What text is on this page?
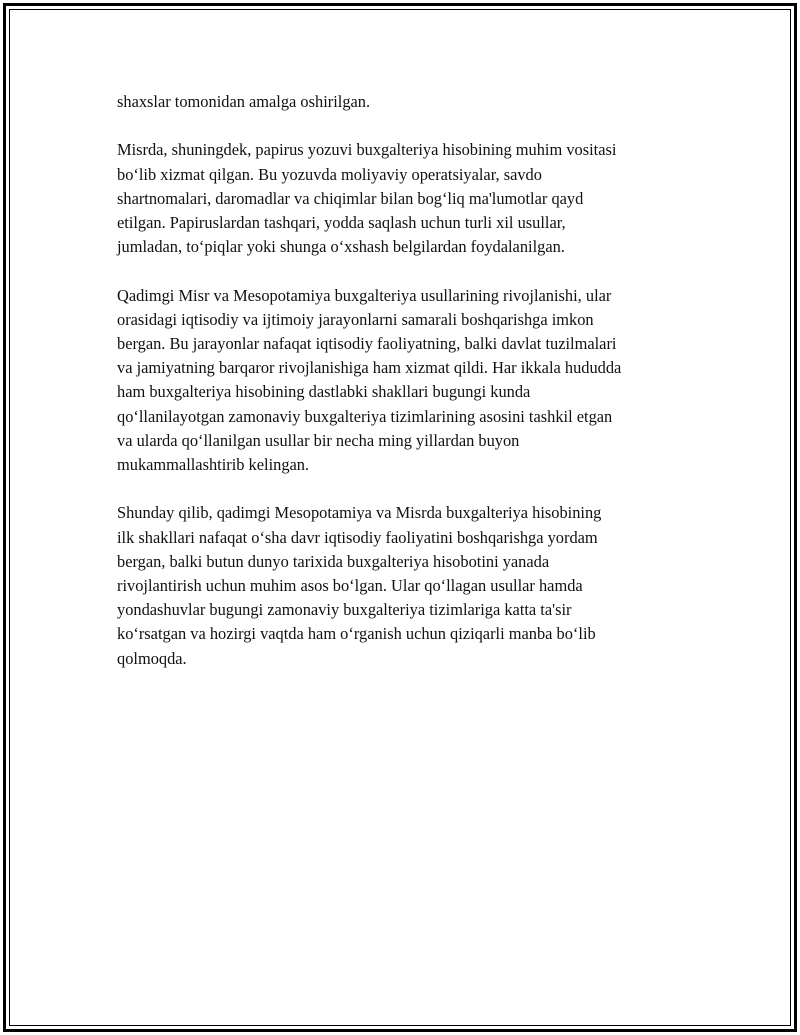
shaxslar tomonidan amalga oshirilgan.

Misrda, shuningdek, papirus yozuvi buxgalteriya hisobining muhim vositasi
bo‘lib xizmat qilgan. Bu yozuvda moliyaviy operatsiyalar, savdo
shartnomalari, daromadlar va chiqimlar bilan bog‘liq ma'lumotlar qayd
etilgan. Papiruslardan tashqari, yodda saqlash uchun turli xil usullar,
jumladan, to‘piqlar yoki shunga o‘xshash belgilardan foydalanilgan.

Qadimgi Misr va Mesopotamiya buxgalteriya usullarining rivojlanishi, ular
orasidagi iqtisodiy va ijtimoiy jarayonlarni samarali boshqarishga imkon
bergan. Bu jarayonlar nafaqat iqtisodiy faoliyatning, balki davlat tuzilmalari
va jamiyatning barqaror rivojlanishiga ham xizmat qildi. Har ikkala hududda
ham buxgalteriya hisobining dastlabki shakllari bugungi kunda
qo‘llanilayotgan zamonaviy buxgalteriya tizimlarining asosini tashkil etgan
va ularda qo‘llanilgan usullar bir necha ming yillardan buyon
mukammallashtirib kelingan.

Shunday qilib, qadimgi Mesopotamiya va Misrda buxgalteriya hisobining
ilk shakllari nafaqat o‘sha davr iqtisodiy faoliyatini boshqarishga yordam
bergan, balki butun dunyo tarixida buxgalteriya hisobotini yanada
rivojlantirish uchun muhim asos bo‘lgan. Ular qo‘llagan usullar hamda
yondashuvlar bugungi zamonaviy buxgalteriya tizimlariga katta ta'sir
ko‘rsatgan va hozirgi vaqtda ham o‘rganish uchun qiziqarli manba bo‘lib
qolmoqda.
